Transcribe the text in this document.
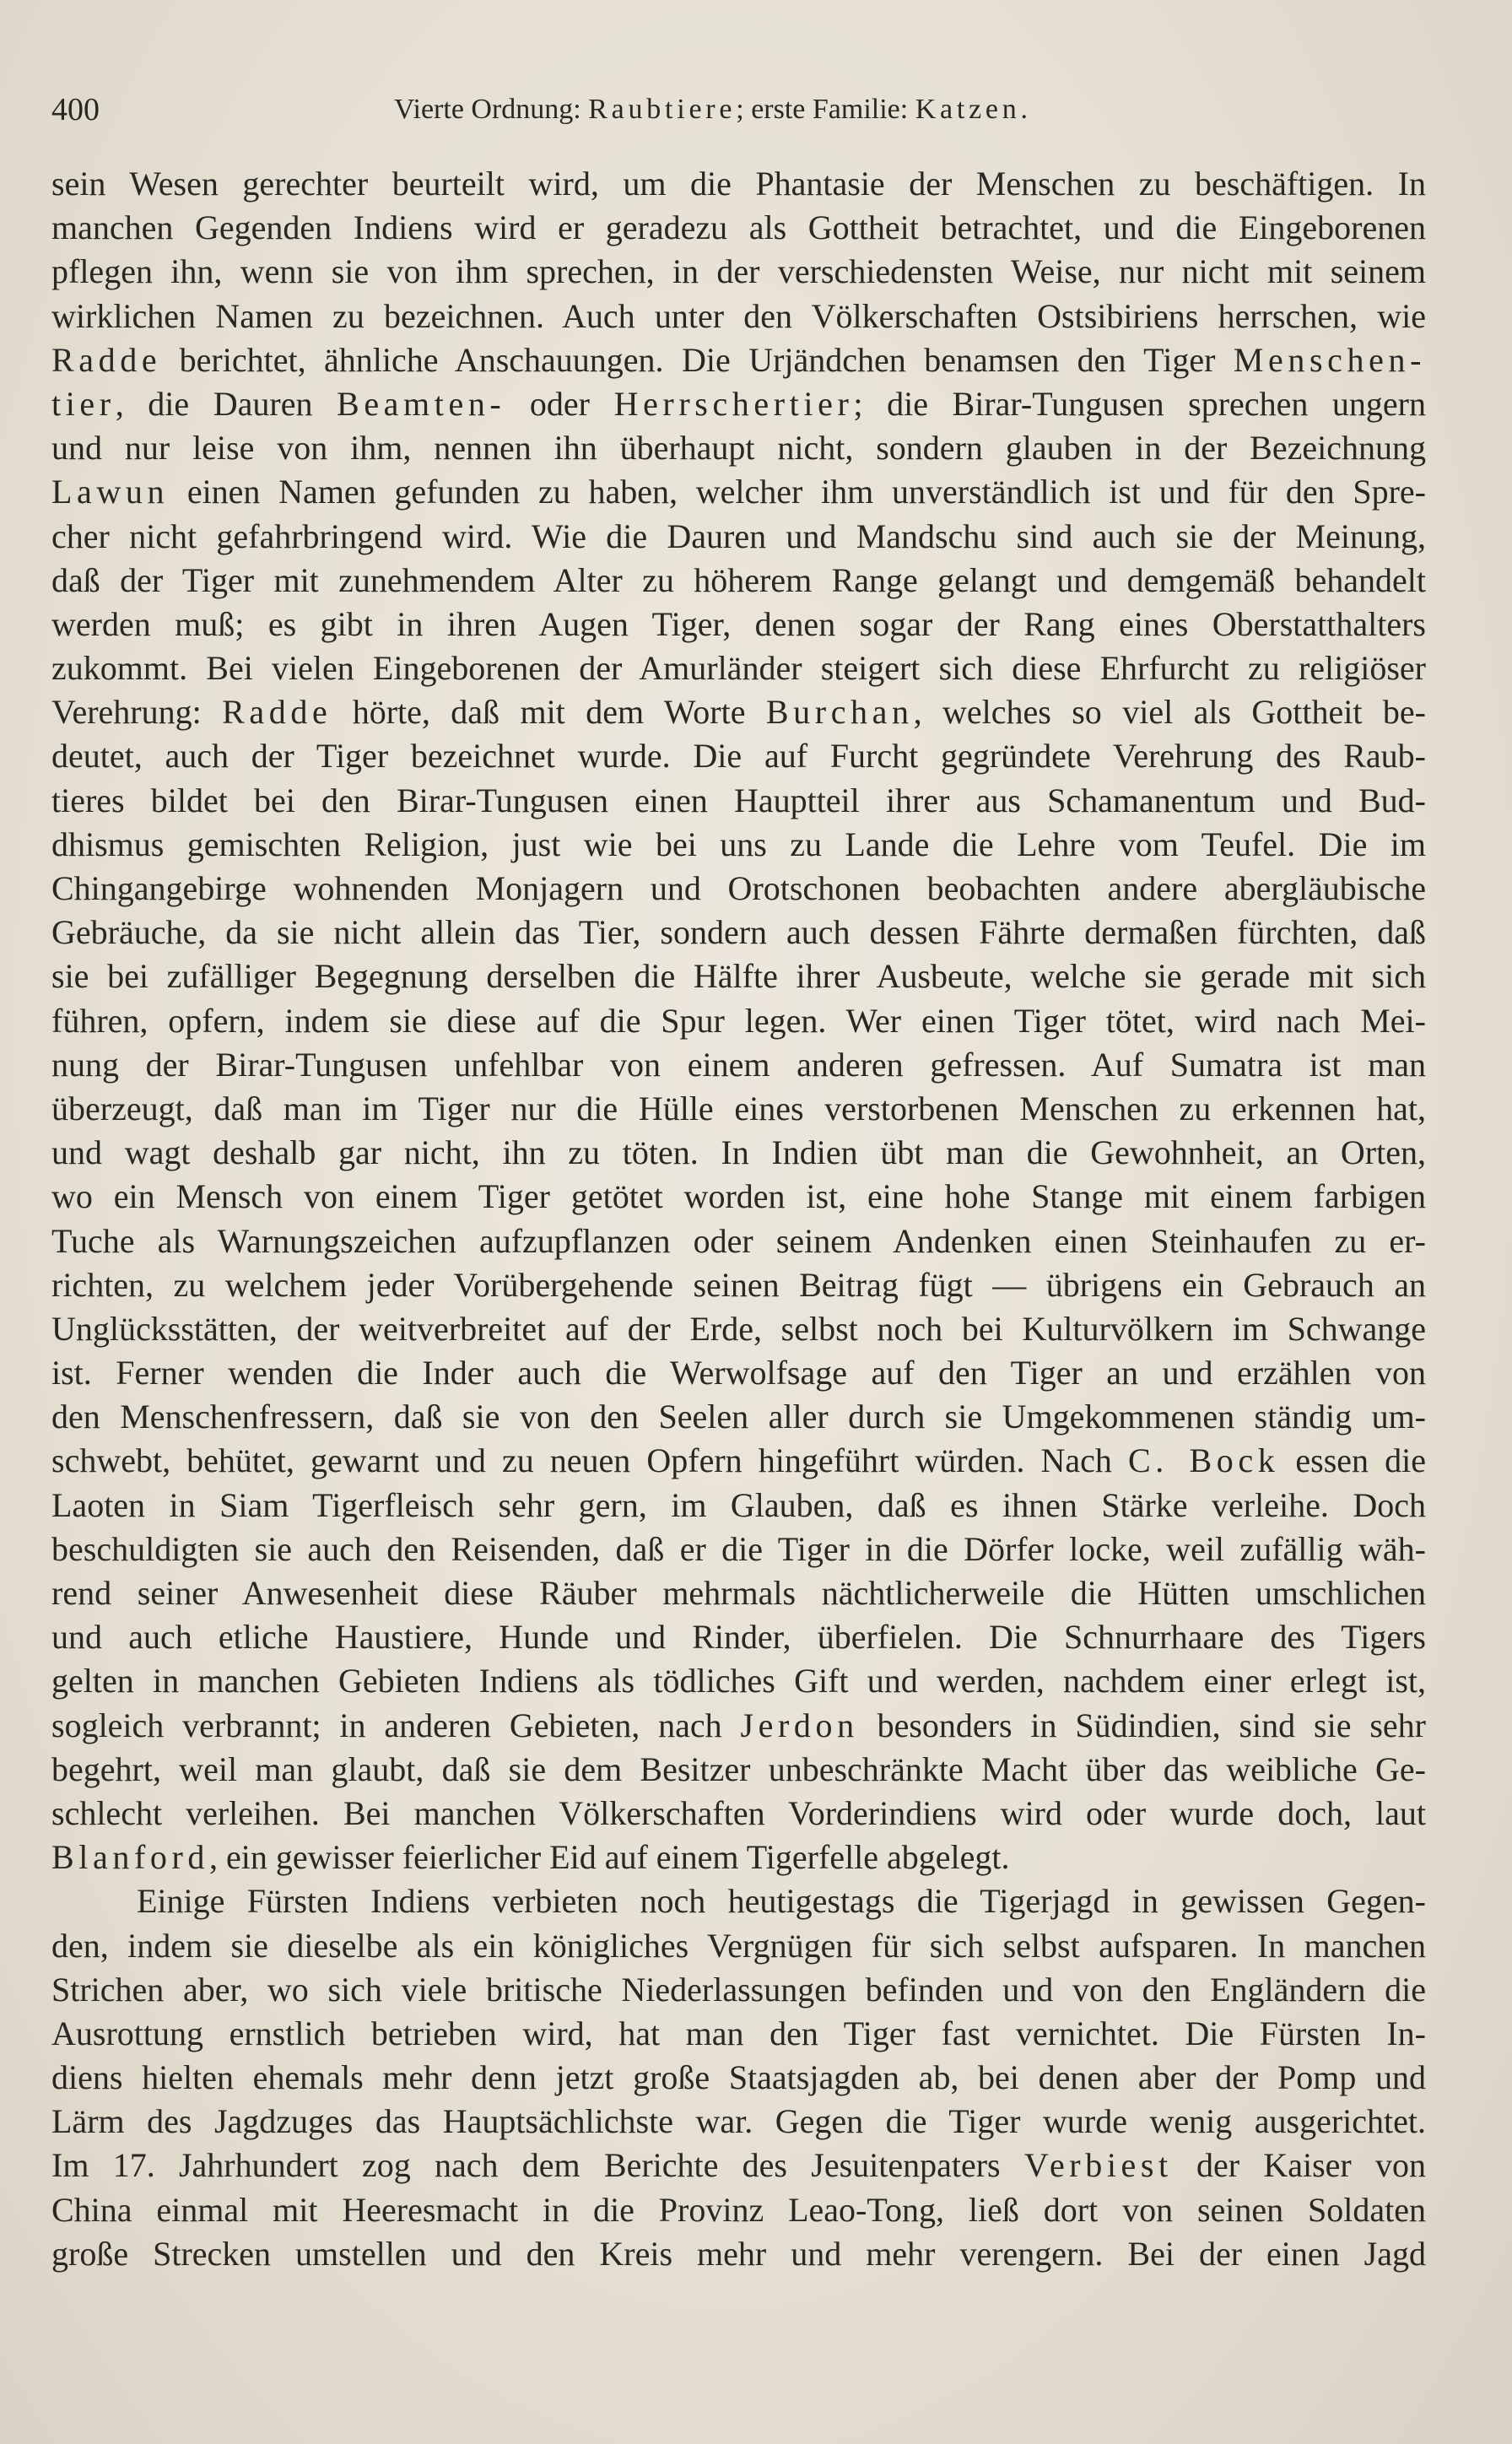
400	Vierte Ordnung: Raubtiere; erste Familie: Katzen.
sein Wesen gerechter beurteilt wird, um die Phantasie der Menschen zu beschäftigen. In
manchen Gegenden Indiens wird er geradezu als Gottheit betrachtet, und die Eingeborenen
pflegen ihn, wenn sie von ihm sprechen, in der verschiedensten Weise, nur nicht mit seinem
wirklichen Namen zu bezeichnen. Auch unter den Völkerschaften Ostsibiriens herrschen, wie
Radde berichtet, ähnliche Anschauungen. Die Urjändchen benamsen den Tiger Menschen-
tier, die Dauren Beamten- oder Herrschertier; die Birar-Tungusen sprechen ungern
und nur leise von ihm, nennen ihn überhaupt nicht, sondern glauben in der Bezeichnung
Lawun einen Namen gefunden zu haben, welcher ihm unverständlich ist und für den Spre-
cher nicht gefahrbringend wird. Wie die Dauren und Mandschu sind auch sie der Meinung,
daß der Tiger mit zunehmendem Alter zu höherem Range gelangt und demgemäß behandelt
werden muß; es gibt in ihren Augen Tiger, denen sogar der Rang eines Oberstatthalters
zukommt. Bei vielen Eingeborenen der Amurländer steigert sich diese Ehrfurcht zu religiöser
Verehrung: Radde hörte, daß mit dem Worte Burchan, welches so viel als Gottheit be-
deutet, auch der Tiger bezeichnet wurde. Die auf Furcht gegründete Verehrung des Raub-
tieres bildet bei den Birar-Tungusen einen Hauptteil ihrer aus Schamanentum und Bud-
dhismus gemischten Religion, just wie bei uns zu Lande die Lehre vom Teufel. Die im
Chingangebirge wohnenden Monjagern und Orotschonen beobachten andere abergläubische
Gebräuche, da sie nicht allein das Tier, sondern auch dessen Fährte dermaßen fürchten, daß
sie bei zufälliger Begegnung derselben die Hälfte ihrer Ausbeute, welche sie gerade mit sich
führen, opfern, indem sie diese auf die Spur legen. Wer einen Tiger tötet, wird nach Mei-
nung der Birar-Tungusen unfehlbar von einem anderen gefressen. Auf Sumatra ist man
überzeugt, daß man im Tiger nur die Hülle eines verstorbenen Menschen zu erkennen hat,
und wagt deshalb gar nicht, ihn zu töten. In Indien übt man die Gewohnheit, an Orten,
wo ein Mensch von einem Tiger getötet worden ist, eine hohe Stange mit einem farbigen
Tuche als Warnungszeichen aufzupflanzen oder seinem Andenken einen Steinhaufen zu er-
richten, zu welchem jeder Vorübergehende seinen Beitrag fügt — übrigens ein Gebrauch an
Unglücksstätten, der weitverbreitet auf der Erde, selbst noch bei Kulturvölkern im Schwange
ist. Ferner wenden die Inder auch die Werwolfsage auf den Tiger an und erzählen von
den Menschenfressern, daß sie von den Seelen aller durch sie Umgekommenen ständig um-
schwebt, behütet, gewarnt und zu neuen Opfern hingeführt würden. Nach C. Bock essen die
Laoten in Siam Tigerfleisch sehr gern, im Glauben, daß es ihnen Stärke verleihe. Doch
beschuldigten sie auch den Reisenden, daß er die Tiger in die Dörfer locke, weil zufällig wäh-
rend seiner Anwesenheit diese Räuber mehrmals nächtlicherweile die Hütten umschlichen
und auch etliche Haustiere, Hunde und Rinder, überfielen. Die Schnurrhaare des Tigers
gelten in manchen Gebieten Indiens als tödliches Gift und werden, nachdem einer erlegt ist,
sogleich verbrannt; in anderen Gebieten, nach Jerdon besonders in Südindien, sind sie sehr
begehrt, weil man glaubt, daß sie dem Besitzer unbeschränkte Macht über das weibliche Ge-
schlecht verleihen. Bei manchen Völkerschaften Vorderindiens wird oder wurde doch, laut
Blanford, ein gewisser feierlicher Eid auf einem Tigerfelle abgelegt.
Einige Fürsten Indiens verbieten noch heutigestags die Tigerjagd in gewissen Gegen-
den, indem sie dieselbe als ein königliches Vergnügen für sich selbst aufsparen. In manchen
Strichen aber, wo sich viele britische Niederlassungen befinden und von den Engländern die
Ausrottung ernstlich betrieben wird, hat man den Tiger fast vernichtet. Die Fürsten In-
diens hielten ehemals mehr denn jetzt große Staatsjagden ab, bei denen aber der Pomp und
Lärm des Jagdzuges das Hauptsächlichste war. Gegen die Tiger wurde wenig ausgerichtet.
Im 17. Jahrhundert zog nach dem Berichte des Jesuitenpaters Verbiest der Kaiser von
China einmal mit Heeresmacht in die Provinz Leao-Tong, ließ dort von seinen Soldaten
große Strecken umstellen und den Kreis mehr und mehr verengern. Bei der einen Jagd
